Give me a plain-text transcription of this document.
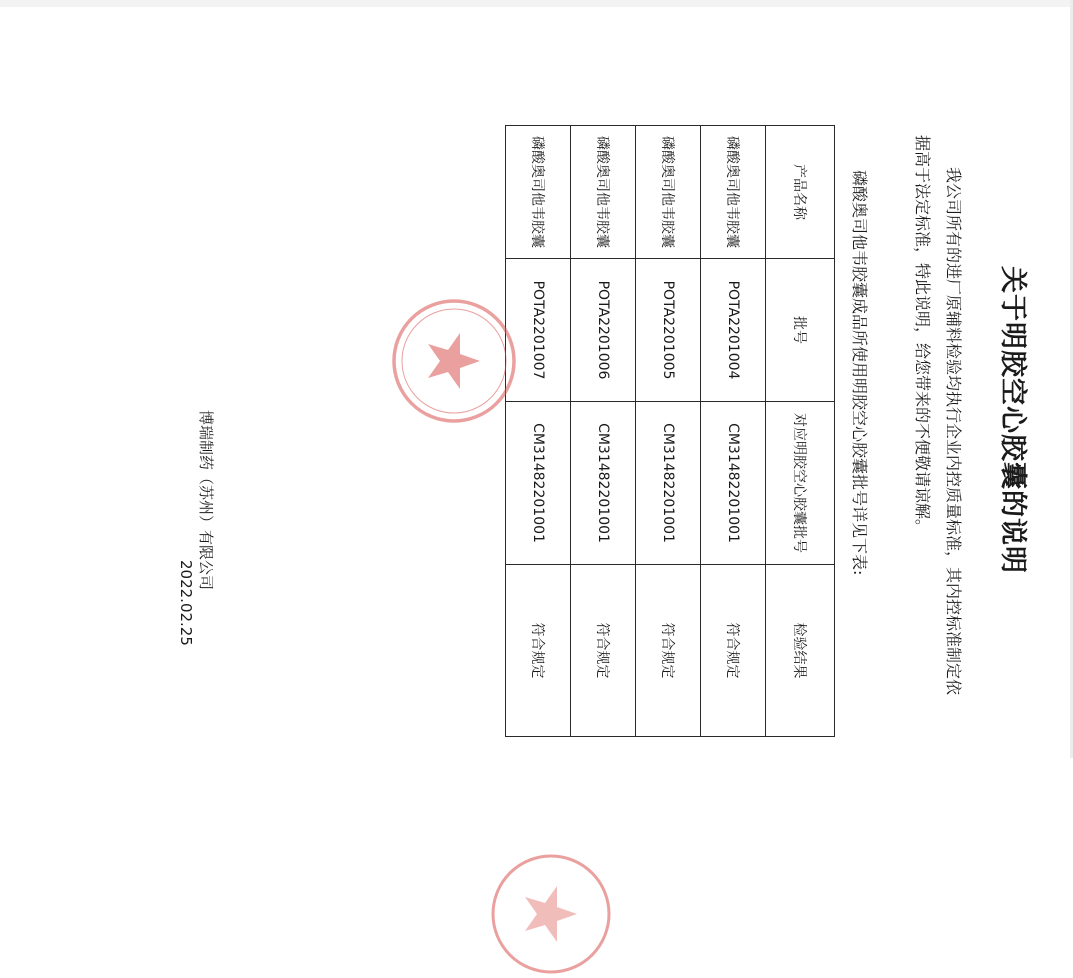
关于明胶空心胶囊的说明

我公司所有的进厂原辅料检验均执行企业内控质量标准，其内控标准制定依据高于法定标准，特此说明，给您带来的不便敬请谅解。

磷酸奥司他韦胶囊成品所使用明胶空心胶囊批号详见下表:

产品名称	批号	对应明胶空心胶囊批号	检验结果
磷酸奥司他韦胶囊	POTA2201004	CM31482201001	符合规定
磷酸奥司他韦胶囊	POTA2201005	CM31482201001	符合规定
磷酸奥司他韦胶囊	POTA2201006	CM31482201001	符合规定
磷酸奥司他韦胶囊	POTA2201007	CM31482201001	符合规定
博瑞制药（苏州）有限公司
2022.02.25
